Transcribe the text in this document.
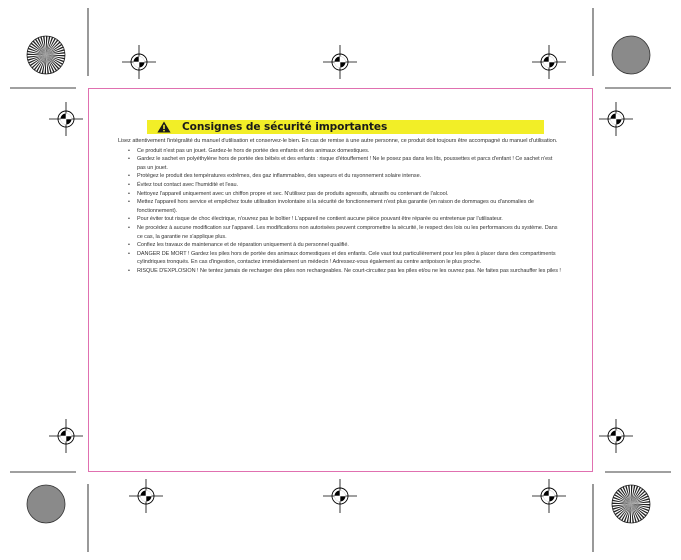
Consignes de sécurité importantes

Lisez attentivement l'intégralité du manuel d'utilisation et conservez-le bien. En cas de remise à une autre personne, ce produit doit toujours être accompagné du manuel d'utilisation.

• Ce produit n'est pas un jouet. Gardez-le hors de portée des enfants et des animaux domestiques.
• Gardez le sachet en polyéthylène hors de portée des bébés et des enfants : risque d'étouffement ! Ne le posez pas dans les lits, poussettes et parcs d'enfant ! Ce sachet n'est pas un jouet.
• Protégez le produit des températures extrêmes, des gaz inflammables, des vapeurs et du rayonnement solaire intense.
• Évitez tout contact avec l'humidité et l'eau.
• Nettoyez l'appareil uniquement avec un chiffon propre et sec. N'utilisez pas de produits agressifs, abrasifs ou contenant de l'alcool.
• Mettez l'appareil hors service et empêchez toute utilisation involontaire si la sécurité de fonctionnement n'est plus garantie (en raison de dommages ou d'anomalies de fonctionnement).
• Pour éviter tout risque de choc électrique, n'ouvrez pas le boîtier ! L'appareil ne contient aucune pièce pouvant être réparée ou entretenue par l'utilisateur.
• Ne procédez à aucune modification sur l'appareil. Les modifications non autorisées peuvent compromettre la sécurité, le respect des lois ou les performances du système. Dans ce cas, la garantie ne s'applique plus.
• Confiez les travaux de maintenance et de réparation uniquement à du personnel qualifié.
• DANGER DE MORT ! Gardez les piles hors de portée des animaux domestiques et des enfants. Cele vaut tout particulièrement pour les piles à placer dans des compartiments cylindriques tronqués. En cas d'ingestion, contactez immédiatement un médecin ! Adressez-vous également au centre antipoison le plus proche.
• RISQUE D'EXPLOSION ! Ne tentez jamais de recharger des piles non rechargeables. Ne court-circuitez pas les piles et/ou ne les ouvrez pas. Ne faites pas surchauffer les piles !
